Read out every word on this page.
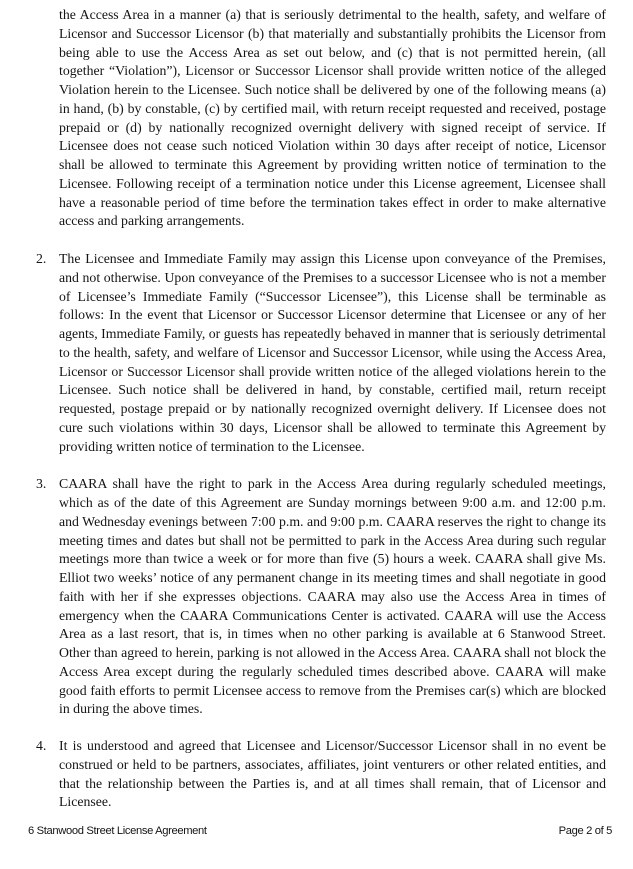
the Access Area in a manner (a) that is seriously detrimental to the health, safety, and welfare of Licensor and Successor Licensor (b) that materially and substantially prohibits the Licensor from being able to use the Access Area as set out below, and (c) that is not permitted herein, (all together “Violation”), Licensor or Successor Licensor shall provide written notice of the alleged Violation herein to the Licensee. Such notice shall be delivered by one of the following means (a) in hand, (b) by constable, (c) by certified mail, with return receipt requested and received, postage prepaid or (d) by nationally recognized overnight delivery with signed receipt of service. If Licensee does not cease such noticed Violation within 30 days after receipt of notice, Licensor shall be allowed to terminate this Agreement by providing written notice of termination to the Licensee. Following receipt of a termination notice under this License agreement, Licensee shall have a reasonable period of time before the termination takes effect in order to make alternative access and parking arrangements.

2. The Licensee and Immediate Family may assign this License upon conveyance of the Premises, and not otherwise. Upon conveyance of the Premises to a successor Licensee who is not a member of Licensee’s Immediate Family (“Successor Licensee”), this License shall be terminable as follows: In the event that Licensor or Successor Licensor determine that Licensee or any of her agents, Immediate Family, or guests has repeatedly behaved in manner that is seriously detrimental to the health, safety, and welfare of Licensor and Successor Licensor, while using the Access Area, Licensor or Successor Licensor shall provide written notice of the alleged violations herein to the Licensee. Such notice shall be delivered in hand, by constable, certified mail, return receipt requested, postage prepaid or by nationally recognized overnight delivery. If Licensee does not cure such violations within 30 days, Licensor shall be allowed to terminate this Agreement by providing written notice of termination to the Licensee.
3. CAARA shall have the right to park in the Access Area during regularly scheduled meetings, which as of the date of this Agreement are Sunday mornings between 9:00 a.m. and 12:00 p.m. and Wednesday evenings between 7:00 p.m. and 9:00 p.m. CAARA reserves the right to change its meeting times and dates but shall not be permitted to park in the Access Area during such regular meetings more than twice a week or for more than five (5) hours a week. CAARA shall give Ms. Elliot two weeks’ notice of any permanent change in its meeting times and shall negotiate in good faith with her if she expresses objections. CAARA may also use the Access Area in times of emergency when the CAARA Communications Center is activated. CAARA will use the Access Area as a last resort, that is, in times when no other parking is available at 6 Stanwood Street. Other than agreed to herein, parking is not allowed in the Access Area. CAARA shall not block the Access Area except during the regularly scheduled times described above. CAARA will make good faith efforts to permit Licensee access to remove from the Premises car(s) which are blocked in during the above times.
4. It is understood and agreed that Licensee and Licensor/Successor Licensor shall in no event be construed or held to be partners, associates, affiliates, joint venturers or other related entities, and that the relationship between the Parties is, and at all times shall remain, that of Licensor and Licensee.
6 Stanwood Street License Agreement	Page 2 of 5
